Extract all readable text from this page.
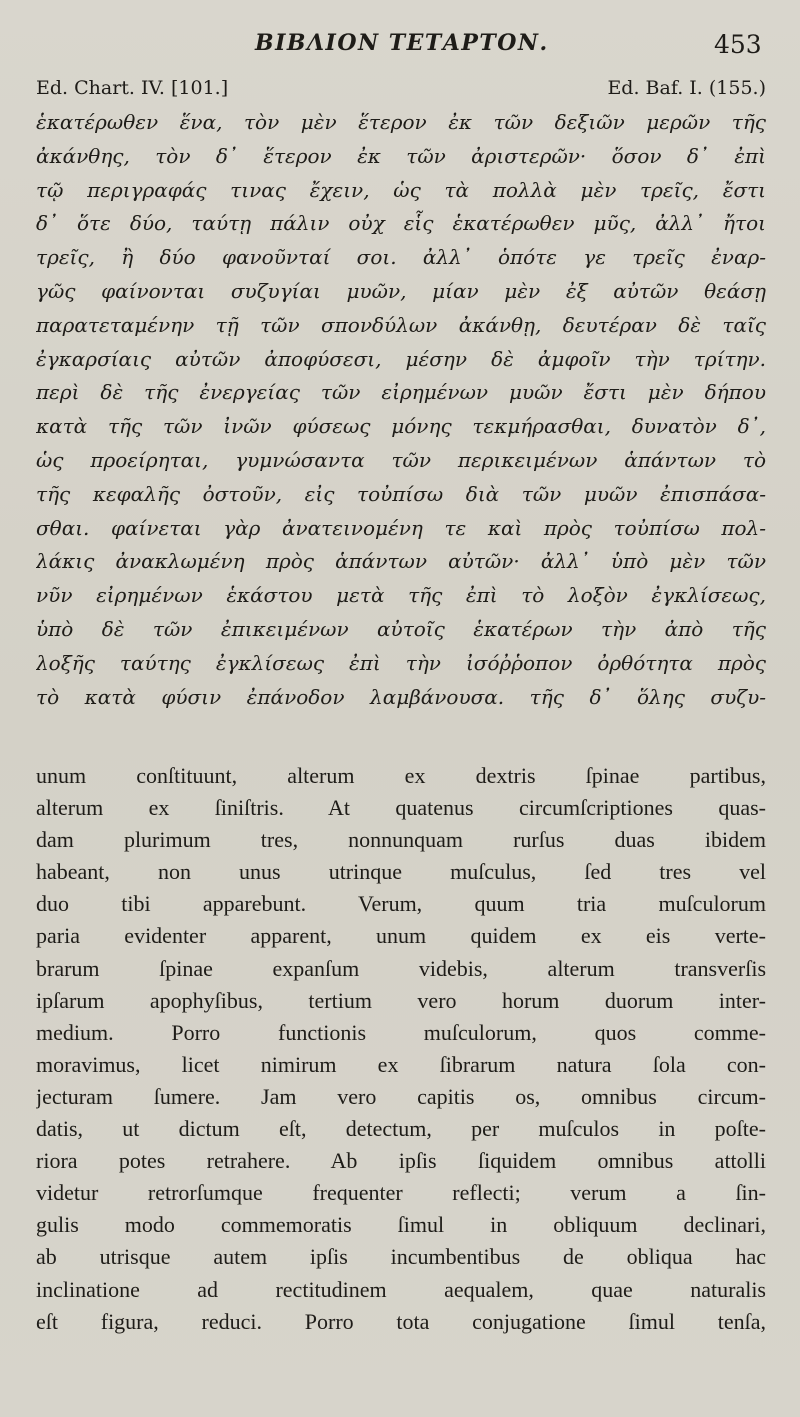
BIBΛΙΟΝ ΤΕΤΑΡΤΟΝ.	453
Ed. Chart. IV. [101.]	Ed. Baf. I. (155.)
ἑκατέρωθεν ἕνα, τὸν μὲν ἕτερον ἐκ τῶν δεξιῶν μερῶν τῆς
ἀκάνθης, τὸν δ᾽ ἕτερον ἐκ τῶν ἀριστερῶν· ὅσον δ᾽ ἐπὶ
τῷ περιγραφάς τινας ἔχειν, ὡς τὰ πολλὰ μὲν τρεῖς, ἔστι
δ᾽ ὅτε δύο, ταύτῃ πάλιν οὐχ εἷς ἑκατέρωθεν μῦς, ἀλλ᾽ ἤτοι
τρεῖς, ἢ δύο φανοῦνταί σοι. ἀλλ᾽ ὁπότε γε τρεῖς ἐναρ-
γῶς φαίνονται συζυγίαι μυῶν, μίαν μὲν ἐξ αὐτῶν θεάσῃ
παρατεταμένην τῇ τῶν σπονδύλων ἀκάνθῃ, δευτέραν δὲ ταῖς
ἐγκαρσίαις αὐτῶν ἀποφύσεσι, μέσην δὲ ἀμφοῖν τὴν τρίτην.
περὶ δὲ τῆς ἐνεργείας τῶν εἰρημένων μυῶν ἔστι μὲν δήπου
κατὰ τῆς τῶν ἰνῶν φύσεως μόνης τεκμήρασθαι, δυνατὸν δ᾽,
ὡς προείρηται, γυμνώσαντα τῶν περικειμένων ἁπάντων τὸ
τῆς κεφαλῆς ὀστοῦν, εἰς τοὐπίσω διὰ τῶν μυῶν ἐπισπάσα-
σθαι. φαίνεται γὰρ ἀνατεινομένη τε καὶ πρὸς τοὐπίσω πολ-
λάκις ἀνακλωμένη πρὸς ἁπάντων αὐτῶν· ἀλλ᾽ ὑπὸ μὲν τῶν
νῦν εἰρημένων ἑκάστου μετὰ τῆς ἐπὶ τὸ λοξὸν ἐγκλίσεως,
ὑπὸ δὲ τῶν ἐπικειμένων αὐτοῖς ἑκατέρων τὴν ἀπὸ τῆς
λοξῆς ταύτης ἐγκλίσεως ἐπὶ τὴν ἰσόῤῥοπον ὀρθότητα πρὸς
τὸ κατὰ φύσιν ἐπάνοδον λαμβάνουσα. τῆς δ᾽ ὅλης συζυ-
unum conſtituunt, alterum ex dextris ſpinae partibus,
alterum ex ſiniſtris. At quatenus circumſcriptiones quas-
dam plurimum tres, nonnunquam rurſus duas ibidem
habeant, non unus utrinque muſculus, ſed tres vel
duo tibi apparebunt. Verum, quum tria muſculorum
paria evidenter apparent, unum quidem ex eis verte-
brarum ſpinae expanſum videbis, alterum transverſis
ipſarum apophyſibus, tertium vero horum duorum inter-
medium. Porro functionis muſculorum, quos comme-
moravimus, licet nimirum ex ſibrarum natura ſola con-
jecturam ſumere. Jam vero capitis os, omnibus circum-
datis, ut dictum eſt, detectum, per muſculos in poſte-
riora potes retrahere. Ab ipſis ſiquidem omnibus attolli
videtur retrorſumque frequenter reflecti; verum a ſin-
gulis modo commemoratis ſimul in obliquum declinari,
ab utrisque autem ipſis incumbentibus de obliqua hac
inclinatione ad rectitudinem aequalem, quae naturalis
eſt figura, reduci. Porro tota conjugatione ſimul tenſa,
